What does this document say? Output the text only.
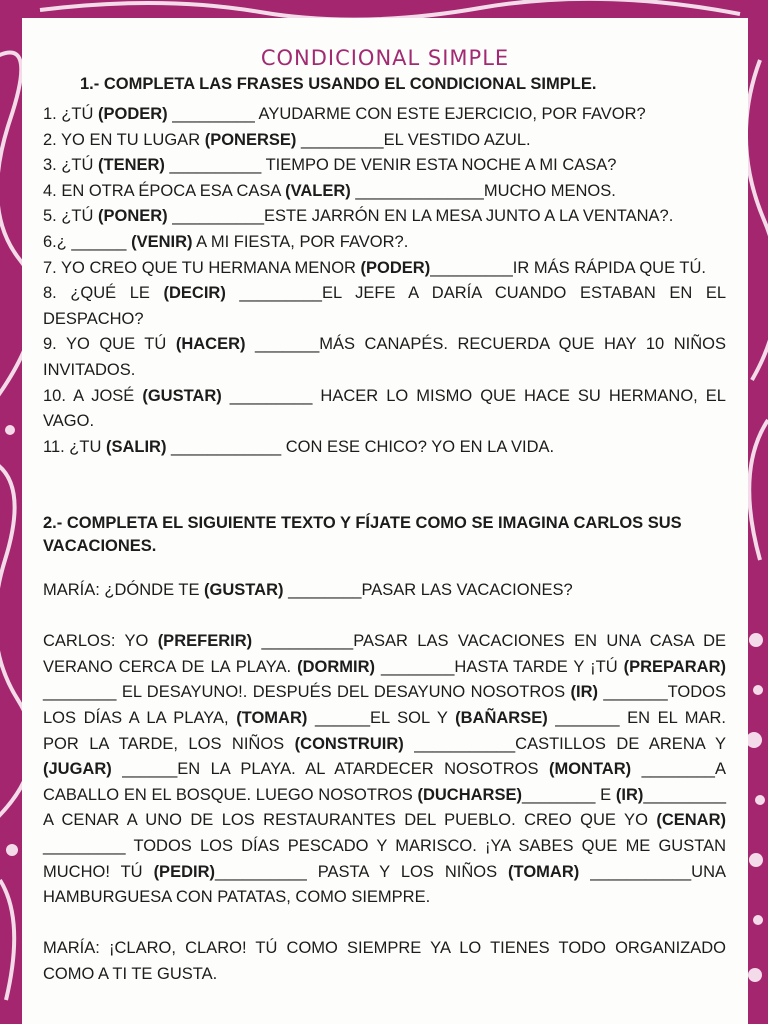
CONDICIONAL SIMPLE
1.- COMPLETA LAS FRASES USANDO EL CONDICIONAL SIMPLE.
1. ¿TÚ (PODER) _________ AYUDARME CON ESTE EJERCICIO, POR FAVOR?
2. YO EN TU LUGAR (PONERSE) _________EL VESTIDO AZUL.
3. ¿TÚ (TENER) __________ TIEMPO DE VENIR ESTA NOCHE A MI CASA?
4. EN OTRA ÉPOCA ESA CASA (VALER) ______________MUCHO MENOS.
5. ¿TÚ (PONER) __________ESTE JARRÓN EN LA MESA JUNTO A LA VENTANA?.
6.¿ ______ (VENIR) A MI FIESTA, POR FAVOR?.
7. YO CREO QUE TU HERMANA MENOR (PODER)_________IR MÁS RÁPIDA QUE TÚ.
8. ¿QUÉ LE (DECIR) _________EL JEFE A DARÍA CUANDO ESTABAN EN EL DESPACHO?
9. YO QUE TÚ (HACER) _______MÁS CANAPÉS. RECUERDA QUE HAY 10 NIÑOS INVITADOS.
10. A JOSÉ (GUSTAR) _________ HACER LO MISMO QUE HACE SU HERMANO, EL VAGO.
11. ¿TU (SALIR) ____________ CON ESE CHICO? YO EN LA VIDA.
2.- COMPLETA EL SIGUIENTE TEXTO Y FÍJATE COMO SE IMAGINA CARLOS SUS VACACIONES.
MARÍA: ¿DÓNDE TE (GUSTAR) ________PASAR LAS VACACIONES?
CARLOS: YO (PREFERIR) __________PASAR LAS VACACIONES EN UNA CASA DE VERANO CERCA DE LA PLAYA. (DORMIR) ________HASTA TARDE Y ¡TÚ (PREPARAR) ________ EL DESAYUNO!. DESPUÉS DEL DESAYUNO NOSOTROS (IR) _______TODOS LOS DÍAS A LA PLAYA, (TOMAR) ______EL SOL Y (BAÑARSE) _______ EN EL MAR. POR LA TARDE, LOS NIÑOS (CONSTRUIR) ___________CASTILLOS DE ARENA Y (JUGAR) ______EN LA PLAYA. AL ATARDECER NOSOTROS (MONTAR) ________A CABALLO EN EL BOSQUE. LUEGO NOSOTROS (DUCHARSE)________ E (IR)_________ A CENAR A UNO DE LOS RESTAURANTES DEL PUEBLO. CREO QUE YO (CENAR) _________ TODOS LOS DÍAS PESCADO Y MARISCO. ¡YA SABES QUE ME GUSTAN MUCHO! TÚ (PEDIR)__________ PASTA Y LOS NIÑOS (TOMAR) ___________UNA HAMBURGUESA CON PATATAS, COMO SIEMPRE.
MARÍA: ¡CLARO, CLARO! TÚ COMO SIEMPRE YA LO TIENES TODO ORGANIZADO COMO A TI TE GUSTA.
